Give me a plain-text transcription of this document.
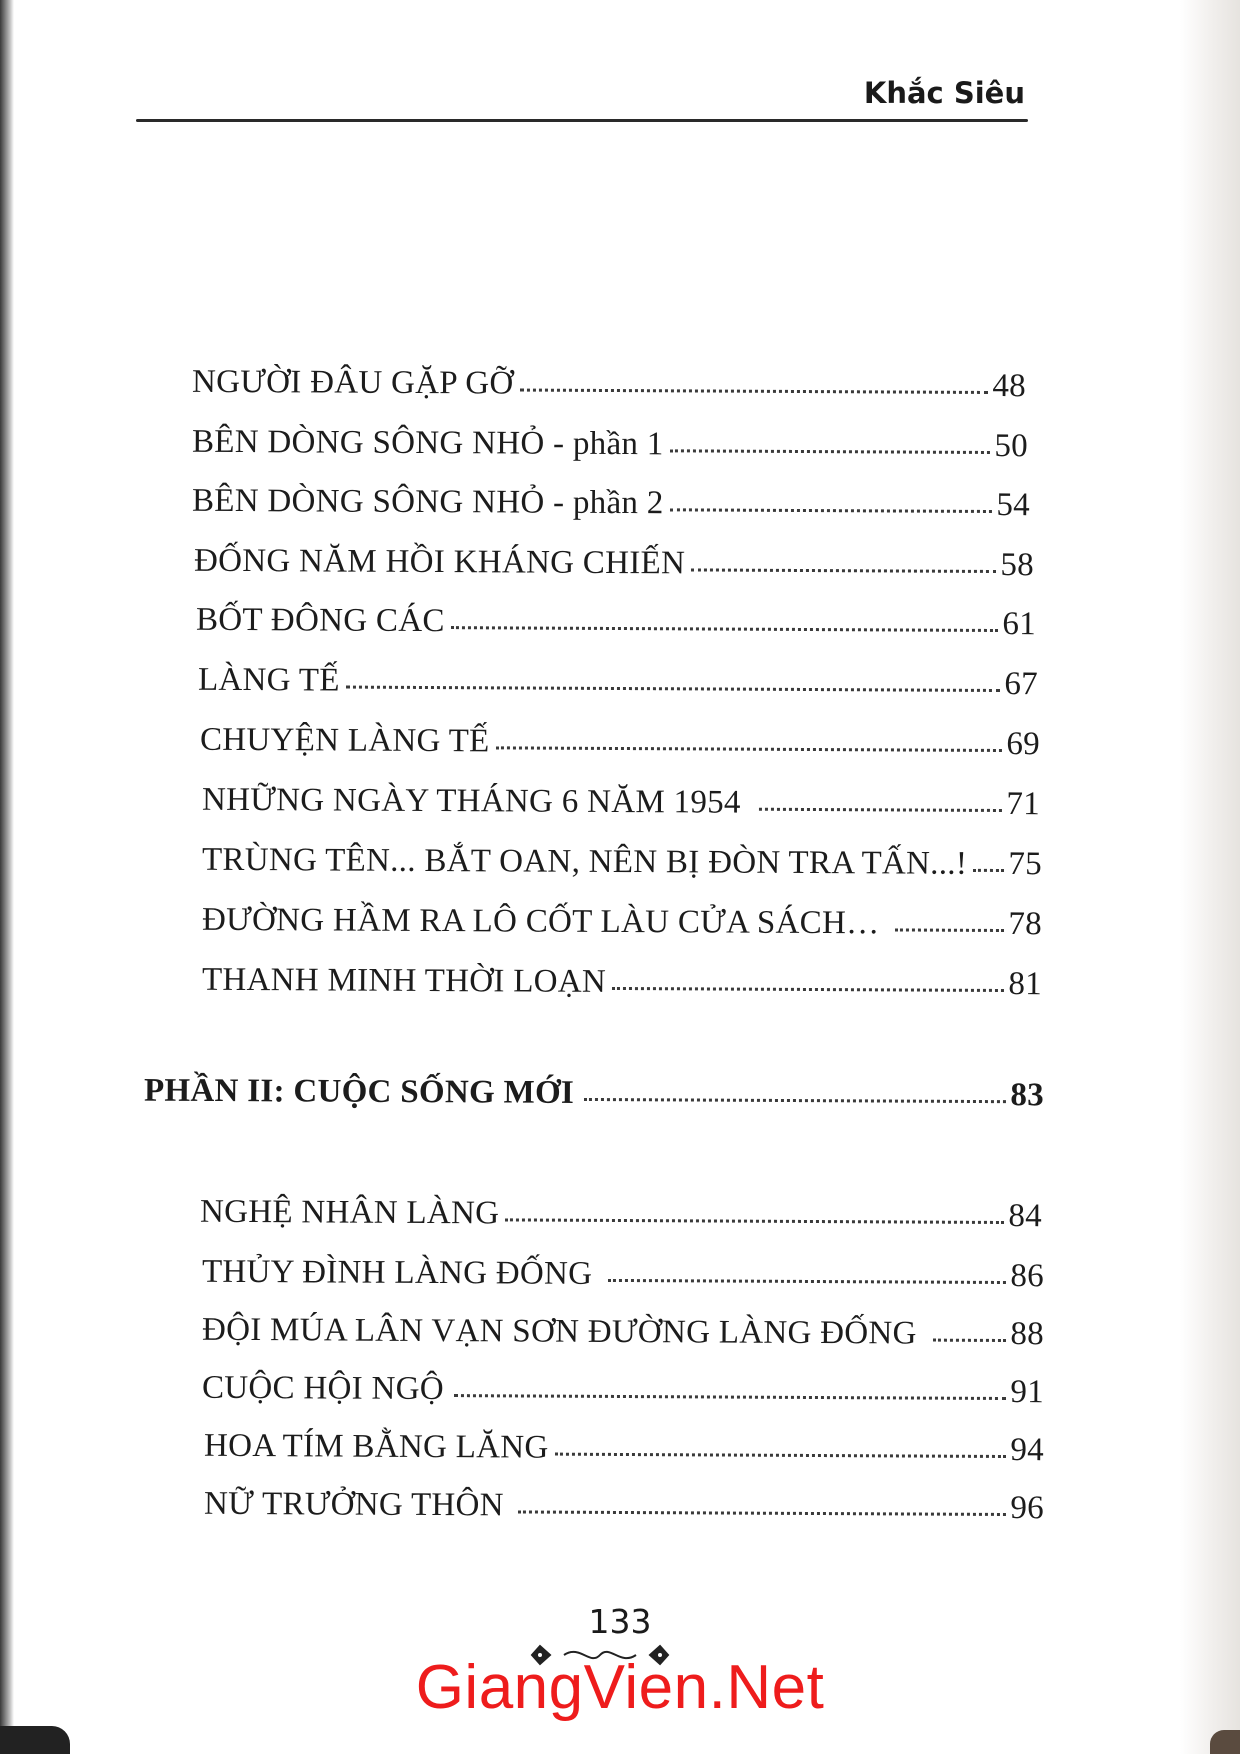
Khắc Siêu
NGƯỜI ĐÂU GẶP GỠ	48
BÊN DÒNG SÔNG NHỎ - phần 1	50
BÊN DÒNG SÔNG NHỎ - phần 2	54
ĐỐNG NĂM HỒI KHÁNG CHIẾN	58
BỐT ĐÔNG CÁC	61
LÀNG TẾ	67
CHUYỆN LÀNG TẾ	69
NHỮNG NGÀY THÁNG 6 NĂM 1954	71
TRÙNG TÊN... BẮT OAN, NÊN BỊ ĐÒN TRA TẤN...! 75
ĐƯỜNG HẦM RA LÔ CỐT LÀU CỬA SÁCH…	78
THANH MINH THỜI LOẠN	81
PHẦN II: CUỘC SỐNG MỚI	83
NGHỆ NHÂN LÀNG	84
THỦY ĐÌNH LÀNG ĐỐNG	86
ĐỘI MÚA LÂN VẠN SƠN ĐƯỜNG LÀNG ĐỐNG	88
CUỘC HỘI NGỘ	91
HOA TÍM BẰNG LĂNG	94
NỮ TRƯỞNG THÔN	96
133
GiangVien.Net
